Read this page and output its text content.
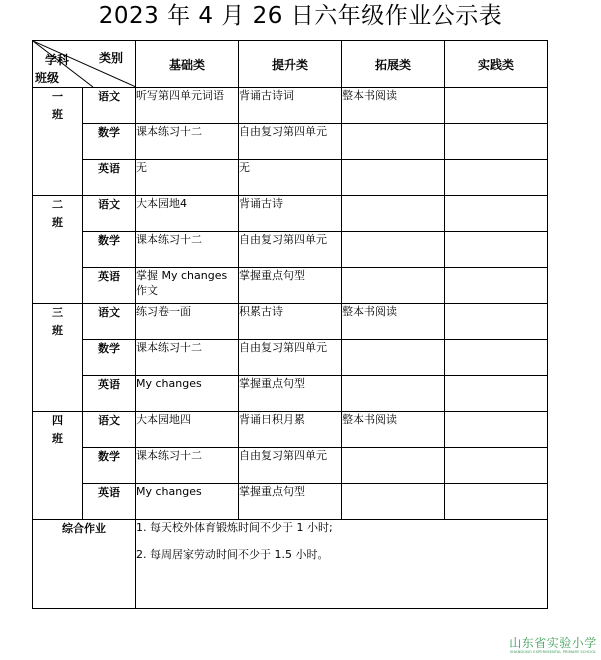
2023 年 4 月 26 日六年级作业公示表
学科 类别
班级		基础类	提升类	拓展类	实践类

一
班	语文	听写第四单元词语	背诵古诗词	整本书阅读	
	数学	课本练习十二	自由复习第四单元		
	英语	无	无		

二
班	语文	大本园地4	背诵古诗		
	数学	课本练习十二	自由复习第四单元		
	英语	掌握 My changes 作文	掌握重点句型		

三
班	语文	练习卷一面	积累古诗	整本书阅读	
	数学	课本练习十二	自由复习第四单元		
	英语	My changes	掌握重点句型		

四
班	语文	大本园地四	背诵日积月累	整本书阅读	
	数学	课本练习十二	自由复习第四单元		
	英语	My changes	掌握重点句型		
综合作业		1. 每天校外体育锻炼时间不少于 1 小时;

2. 每周居家劳动时间不少于 1.5 小时。			

山东省实验小学
SHANDONG EXPERIMENTAL PRIMARY SCHOOL
